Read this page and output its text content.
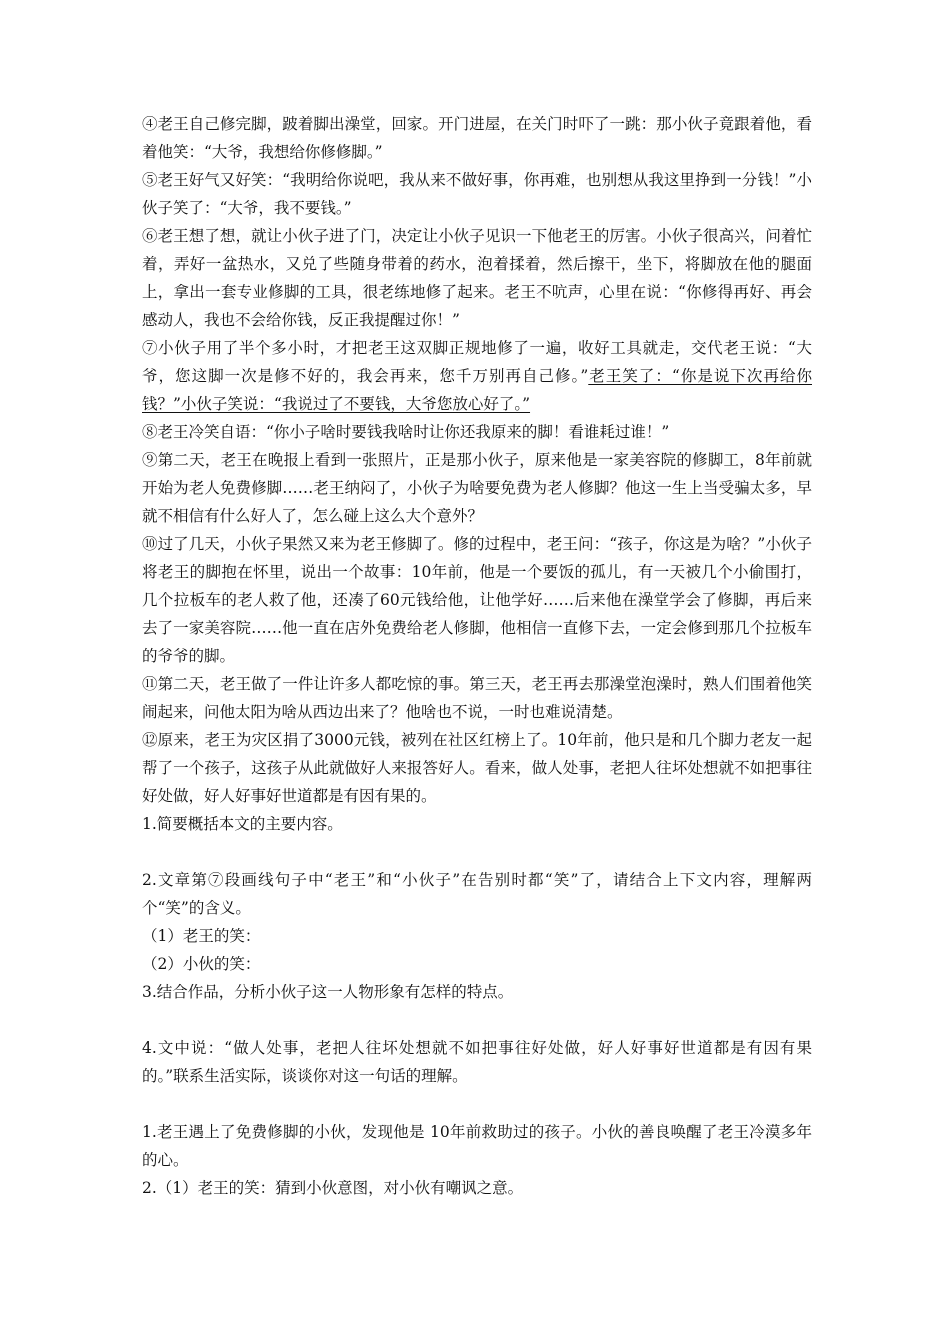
④老王自己修完脚，跛着脚出澡堂，回家。开门进屋，在关门时吓了一跳：那小伙子竟跟着他，看着他笑：“大爷，我想给你修修脚。”

⑤老王好气又好笑：“我明给你说吧，我从来不做好事，你再难，也别想从我这里挣到一分钱！”小伙子笑了：“大爷，我不要钱。”

⑥老王想了想，就让小伙子进了门，决定让小伙子见识一下他老王的厉害。小伙子很高兴，问着忙着，弄好一盆热水，又兑了些随身带着的药水，泡着揉着，然后擦干，坐下，将脚放在他的腿面上，拿出一套专业修脚的工具，很老练地修了起来。老王不吭声，心里在说：“你修得再好、再会感动人，我也不会给你钱，反正我提醒过你！”

⑦小伙子用了半个多小时，才把老王这双脚正规地修了一遍，收好工具就走，交代老王说：“大爷，您这脚一次是修不好的，我会再来，您千万别再自己修。”老王笑了：“你是说下次再给你钱？”小伙子笑说：“我说过了不要钱，大爷您放心好了。”

⑧老王冷笑自语：“你小子啥时要钱我啥时让你还我原来的脚！看谁耗过谁！”

⑨第二天，老王在晚报上看到一张照片，正是那小伙子，原来他是一家美容院的修脚工，8年前就开始为老人免费修脚……老王纳闷了，小伙子为啥要免费为老人修脚？他这一生上当受骗太多，早就不相信有什么好人了，怎么碰上这么大个意外？

⑩过了几天，小伙子果然又来为老王修脚了。修的过程中，老王问：“孩子，你这是为啥？”小伙子将老王的脚抱在怀里，说出一个故事：10年前，他是一个要饭的孤儿，有一天被几个小偷围打，几个拉板车的老人救了他，还凑了60元钱给他，让他学好……后来他在澡堂学会了修脚，再后来去了一家美容院……他一直在店外免费给老人修脚，他相信一直修下去，一定会修到那几个拉板车的爷爷的脚。

⑪第二天，老王做了一件让许多人都吃惊的事。第三天，老王再去那澡堂泡澡时，熟人们围着他笑闹起来，问他太阳为啥从西边出来了？他啥也不说，一时也难说清楚。

⑫原来，老王为灾区捐了3000元钱，被列在社区红榜上了。10年前，他只是和几个脚力老友一起帮了一个孩子，这孩子从此就做好人来报答好人。看来，做人处事，老把人往坏处想就不如把事往好处做，好人好事好世道都是有因有果的。

1.简要概括本文的主要内容。

2.文章第⑦段画线句子中“老王”和“小伙子”在告别时都“笑”了，请结合上下文内容，理解两个“笑”的含义。

（1）老王的笑：

（2）小伙的笑：

3.结合作品，分析小伙子这一人物形象有怎样的特点。

4.文中说：“做人处事，老把人往坏处想就不如把事往好处做，好人好事好世道都是有因有果的。”联系生活实际，谈谈你对这一句话的理解。

1.老王遇上了免费修脚的小伙，发现他是 10年前救助过的孩子。小伙的善良唤醒了老王冷漠多年的心。

2.（1）老王的笑：猜到小伙意图，对小伙有嘲讽之意。
